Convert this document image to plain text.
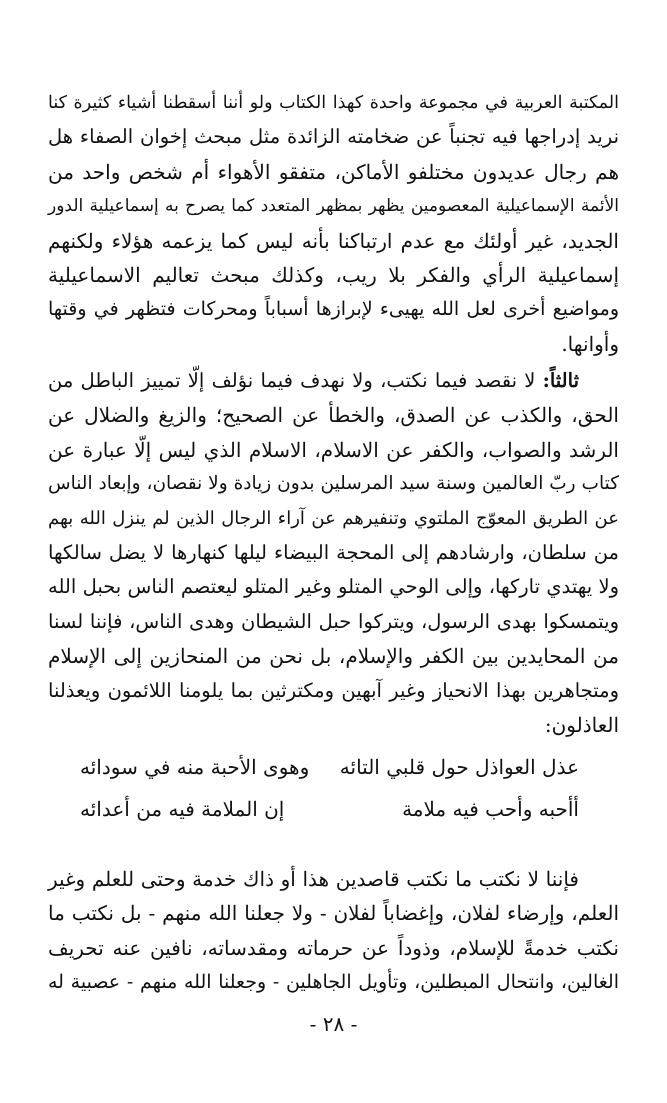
المكتبة العربية في مجموعة واحدة كهذا الكتاب ولو أننا أسقطنا أشياء كثيرة كنا
نريد إدراجها فيه تجنباً عن ضخامته الزائدة مثل مبحث إخوان الصفاء هل
هم رجال عديدون مختلفو الأماكن، متفقو الأهواء أم شخص واحد من
الأئمة الإسماعيلية المعصومين يظهر بمظهر المتعدد كما يصرح به إسماعيلية الدور
الجديد، غير أولئك مع عدم ارتباكنا بأنه ليس كما يزعمه هؤلاء ولكنهم
إسماعيلية الرأي والفكر بلا ريب، وكذلك مبحث تعاليم الاسماعيلية
ومواضيع أخرى لعل الله يهيىء لإبرازها أسباباً ومحركات فتظهر في وقتها
وأوانها.
ثالثاً: لا نقصد فيما نكتب، ولا نهدف فيما نؤلف إلّا تمييز الباطل من
الحق، والكذب عن الصدق، والخطأ عن الصحيح؛ والزيغ والضلال عن
الرشد والصواب، والكفر عن الاسلام، الاسلام الذي ليس إلّا عبارة عن
كتاب ربّ العالمين وسنة سيد المرسلين بدون زيادة ولا نقصان، وإبعاد الناس
عن الطريق المعوّج الملتوي وتنفيرهم عن آراء الرجال الذين لم ينزل الله بهم
من سلطان، وارشادهم إلى المحجة البيضاء ليلها كنهارها لا يضل سالكها
ولا يهتدي تاركها، وإلى الوحي المتلو وغير المتلو ليعتصم الناس بحبل الله
ويتمسكوا بهدى الرسول، ويتركوا حبل الشيطان وهدى الناس، فإننا لسنا
من المحايدين بين الكفر والإسلام، بل نحن من المنحازين إلى الإسلام
ومتجاهرين بهذا الانحياز وغير آبهين ومكترثين بما يلومنا اللائمون ويعذلنا
العاذلون:
عذل العواذل حول قلبي التائه
وهوى الأحبة منه في سودائه
أأحبه وأحب فيه ملامة
إن الملامة فيه من أعدائه
فإننا لا نكتب ما نكتب قاصدين هذا أو ذاك خدمة وحتى للعلم وغير
العلم، وإرضاء لفلان، وإغضاباً لفلان - ولا جعلنا الله منهم - بل نكتب ما
نكتب خدمةً للإسلام، وذوداً عن حرماته ومقدساته، نافين عنه تحريف
الغالين، وانتحال المبطلين، وتأويل الجاهلين - وجعلنا الله منهم - عصبية له
- ٢٨ -
